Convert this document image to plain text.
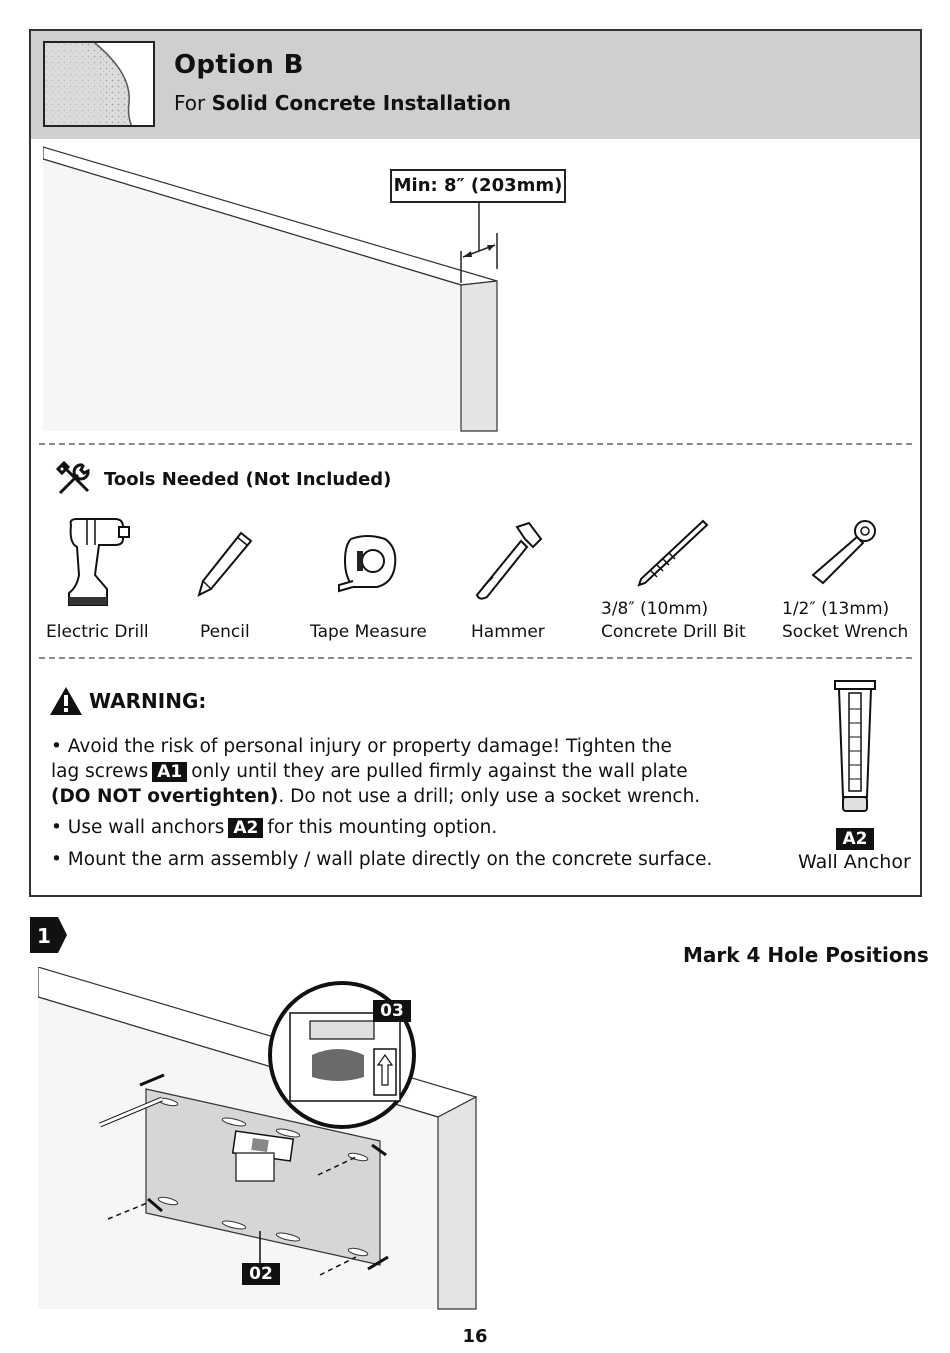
Option B
For Solid Concrete Installation
Min: 8″ (203mm)
Tools Needed (Not Included)
Electric Drill	Pencil	Tape Measure	Hammer
3/8″ (10mm)
Concrete Drill Bit
1/2″ (13mm)
Socket Wrench
WARNING:
• Avoid the risk of personal injury or property damage! Tighten the
lag screws A1 only until they are pulled firmly against the wall plate
(DO NOT overtighten). Do not use a drill; only use a socket wrench.
• Use wall anchors A2 for this mounting option.
• Mount the arm assembly / wall plate directly on the concrete surface.
A2
Wall Anchor
1
Mark 4 Hole Positions
03
02
16
